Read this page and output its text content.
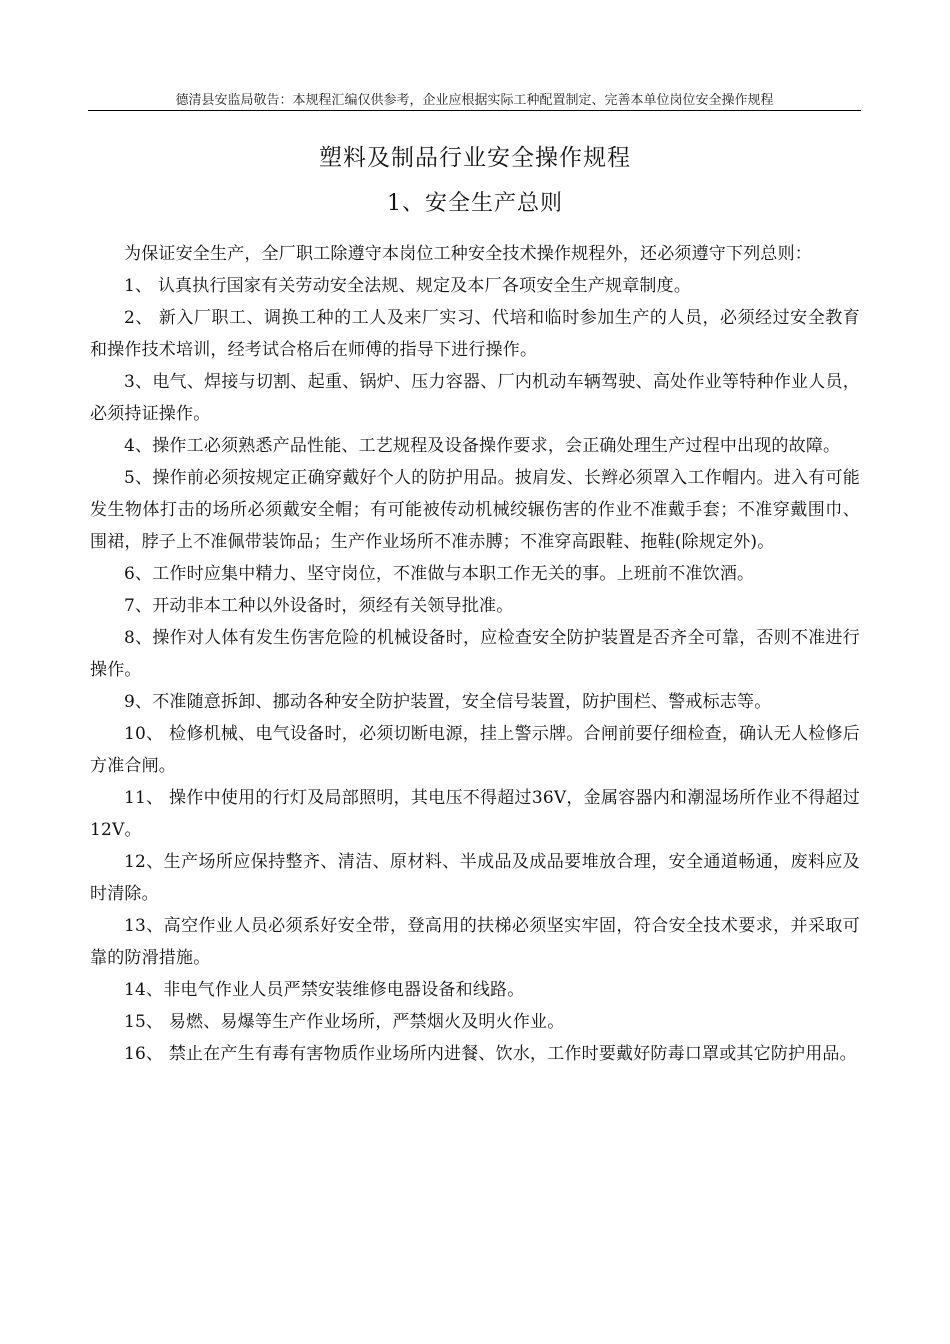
德清县安监局敬告：本规程汇编仅供参考，企业应根据实际工种配置制定、完善本单位岗位安全操作规程
塑料及制品行业安全操作规程
1、安全生产总则

为保证安全生产，全厂职工除遵守本岗位工种安全技术操作规程外，还必须遵守下列总则：

1、 认真执行国家有关劳动安全法规、规定及本厂各项安全生产规章制度。

2、 新入厂职工、调换工种的工人及来厂实习、代培和临时参加生产的人员，必须经过安全教育和操作技术培训，经考试合格后在师傅的指导下进行操作。

3、电气、焊接与切割、起重、锅炉、压力容器、厂内机动车辆驾驶、高处作业等特种作业人员，必须持证操作。

4、操作工必须熟悉产品性能、工艺规程及设备操作要求，会正确处理生产过程中出现的故障。

5、操作前必须按规定正确穿戴好个人的防护用品。披肩发、长辫必须罩入工作帽内。进入有可能发生物体打击的场所必须戴安全帽；有可能被传动机械绞辗伤害的作业不准戴手套；不准穿戴围巾、围裙，脖子上不准佩带装饰品；生产作业场所不准赤膊；不准穿高跟鞋、拖鞋(除规定外)。

6、工作时应集中精力、坚守岗位，不准做与本职工作无关的事。上班前不准饮酒。

7、开动非本工种以外设备时，须经有关领导批准。

8、操作对人体有发生伤害危险的机械设备时，应检查安全防护装置是否齐全可靠，否则不准进行操作。

9、不准随意拆卸、挪动各种安全防护装置，安全信号装置，防护围栏、警戒标志等。

10、 检修机械、电气设备时，必须切断电源，挂上警示牌。合闸前要仔细检查，确认无人检修后方准合闸。

11、 操作中使用的行灯及局部照明，其电压不得超过36V，金属容器内和潮湿场所作业不得超过12V。

12、生产场所应保持整齐、清洁、原材料、半成品及成品要堆放合理，安全通道畅通，废料应及时清除。

13、高空作业人员必须系好安全带，登高用的扶梯必须坚实牢固，符合安全技术要求，并采取可靠的防滑措施。

14、非电气作业人员严禁安装维修电器设备和线路。

15、 易燃、易爆等生产作业场所，严禁烟火及明火作业。

16、 禁止在产生有毒有害物质作业场所内进餐、饮水，工作时要戴好防毒口罩或其它防护用品。
